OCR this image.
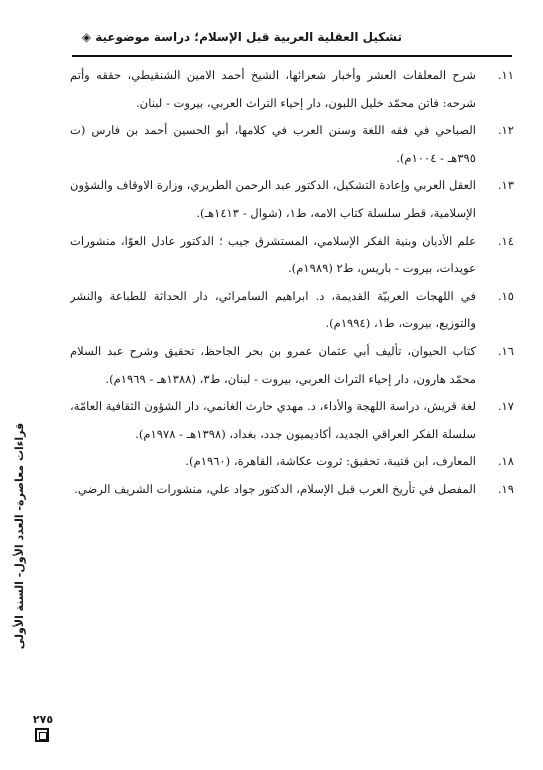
تشكيل العقلية العربية قبل الإسلام؛ دراسة موضوعية ◈
قراءات معاصرة- العدد الأول- السنة الأولى
٢٧٥
١١.
شرح المعلقات العشر وأخبار شعرائها، الشيخ أحمد الامين الشنقيطي، حققه وأتم شرحه: فاتن محمّد خليل اللبون، دار إحياء التراث العربي، بيروت - لبنان.
١٢.
الصباحي في فقه اللغة وسنن العرب في كلامها، أبو الحسين أحمد بن فارس (ت ٣٩٥هـ - ١٠٠٤م).
١٣.
العقل العربي وإعادة التشكيل، الدكتور عبد الرحمن الطريري، وزارة الاوقاف والشؤون الإسلامية، قطر سلسلة كتاب الامه، ط١، (شوال - ١٤١٣هـ).
١٤.
علم الأديان وبنية الفكر الإسلامي، المستشرق جيب ؛ الدكتور عادل العوّا، منشورات عويدات، بيروت - باريس، ط٢ (١٩٨٩م).
١٥.
في اللهجات العربيّة القديمة، د. ابراهيم السامرائي، دار الحداثة للطباعة والنشر والتوزيع، بيروت، ط١، (١٩٩٤م).
١٦.
كتاب الحيوان، تأليف أبي عثمان عمرو بن بحر الجاحظ، تحقيق وشرح عبد السلام محمّد هارون، دار إحياء التراث العربي، بيروت - لبنان، ط٣، (١٣٨٨هـ - ١٩٦٩م).
١٧.
لغة قريش، دراسة اللهجة والأداء، د. مهدي حارث الغانمي، دار الشؤون الثقافية العامّة، سلسلة الفكر العراقي الجديد، أكاديميون جدد، بغداد، (١٣٩٨هـ - ١٩٧٨م).
١٨.
المعارف، ابن قتيبة، تحقيق: ثروت عكاشة، القاهرة، (١٩٦٠م).
١٩.
المفصل في تأريخ العرب قبل الإسلام، الدكتور جواد علي، منشورات الشريف الرضي.
